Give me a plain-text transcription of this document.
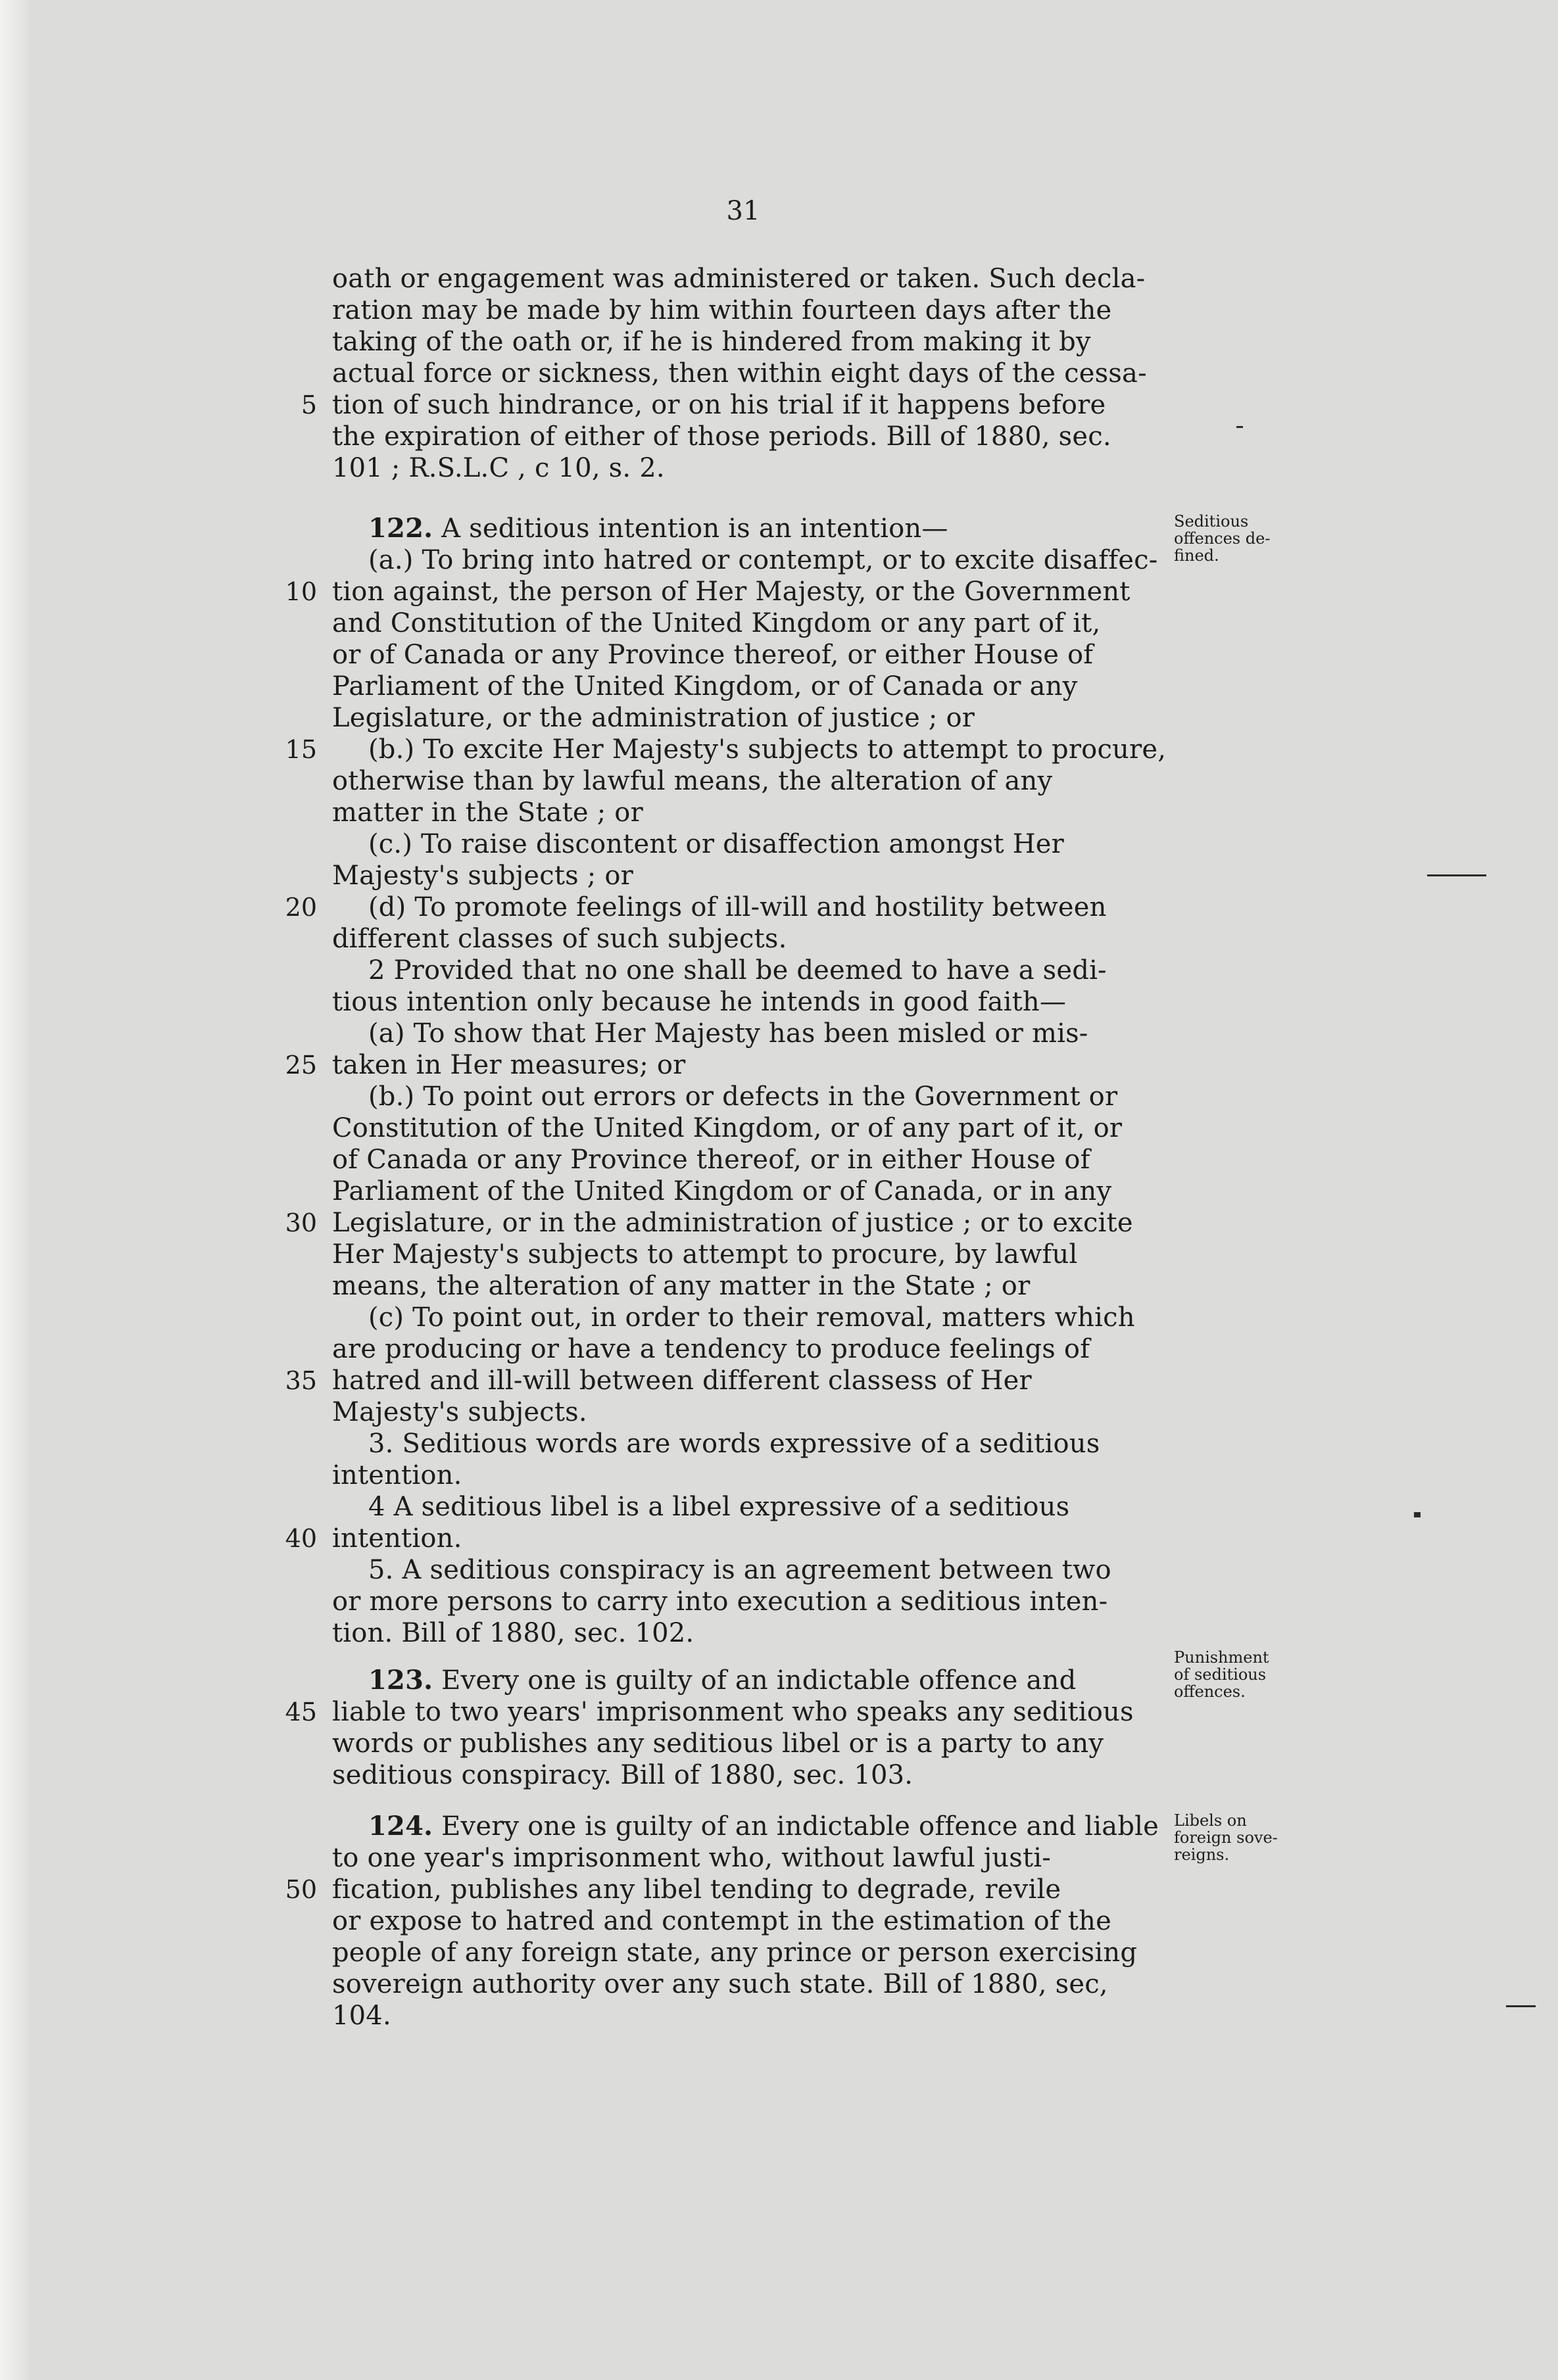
31
oath or engagement was administered or taken. Such decla-
ration may be made by him within fourteen days after the
taking of the oath or, if he is hindered from making it by
actual force or sickness, then within eight days of the cessa-
tion of such hindrance, or on his trial if it happens before
5
the expiration of either of those periods. Bill of 1880, sec.
101 ; R.S.L.C , c 10, s. 2.
122. A seditious intention is an intention—
(a.) To bring into hatred or contempt, or to excite disaffec-
tion against, the person of Her Majesty, or the Government
10
and Constitution of the United Kingdom or any part of it,
or of Canada or any Province thereof, or either House of
Parliament of the United Kingdom, or of Canada or any
Legislature, or the administration of justice ; or
(b.) To excite Her Majesty's subjects to attempt to procure,
15
otherwise than by lawful means, the alteration of any
matter in the State ; or
(c.) To raise discontent or disaffection amongst Her
Majesty's subjects ; or
(d) To promote feelings of ill-will and hostility between
20
different classes of such subjects.
2 Provided that no one shall be deemed to have a sedi-
tious intention only because he intends in good faith—
(a) To show that Her Majesty has been misled or mis-
taken in Her measures; or
25
(b.) To point out errors or defects in the Government or
Constitution of the United Kingdom, or of any part of it, or
of Canada or any Province thereof, or in either House of
Parliament of the United Kingdom or of Canada, or in any
Legislature, or in the administration of justice ; or to excite
30
Her Majesty's subjects to attempt to procure, by lawful
means, the alteration of any matter in the State ; or
(c) To point out, in order to their removal, matters which
are producing or have a tendency to produce feelings of
hatred and ill-will between different classess of Her
35
Majesty's subjects.
3. Seditious words are words expressive of a seditious
intention.
4 A seditious libel is a libel expressive of a seditious
intention.
40
5. A seditious conspiracy is an agreement between two
or more persons to carry into execution a seditious inten-
tion. Bill of 1880, sec. 102.
123. Every one is guilty of an indictable offence and
liable to two years' imprisonment who speaks any seditious
45
words or publishes any seditious libel or is a party to any
seditious conspiracy. Bill of 1880, sec. 103.
124. Every one is guilty of an indictable offence and liable
to one year's imprisonment who, without lawful justi-
fication, publishes any libel tending to degrade, revile
50
or expose to hatred and contempt in the estimation of the
people of any foreign state, any prince or person exercising
sovereign authority over any such state. Bill of 1880, sec,
104.
Seditious
offences de-
fined.
Punishment
of seditious
offences.
Libels on
foreign sove-
reigns.
